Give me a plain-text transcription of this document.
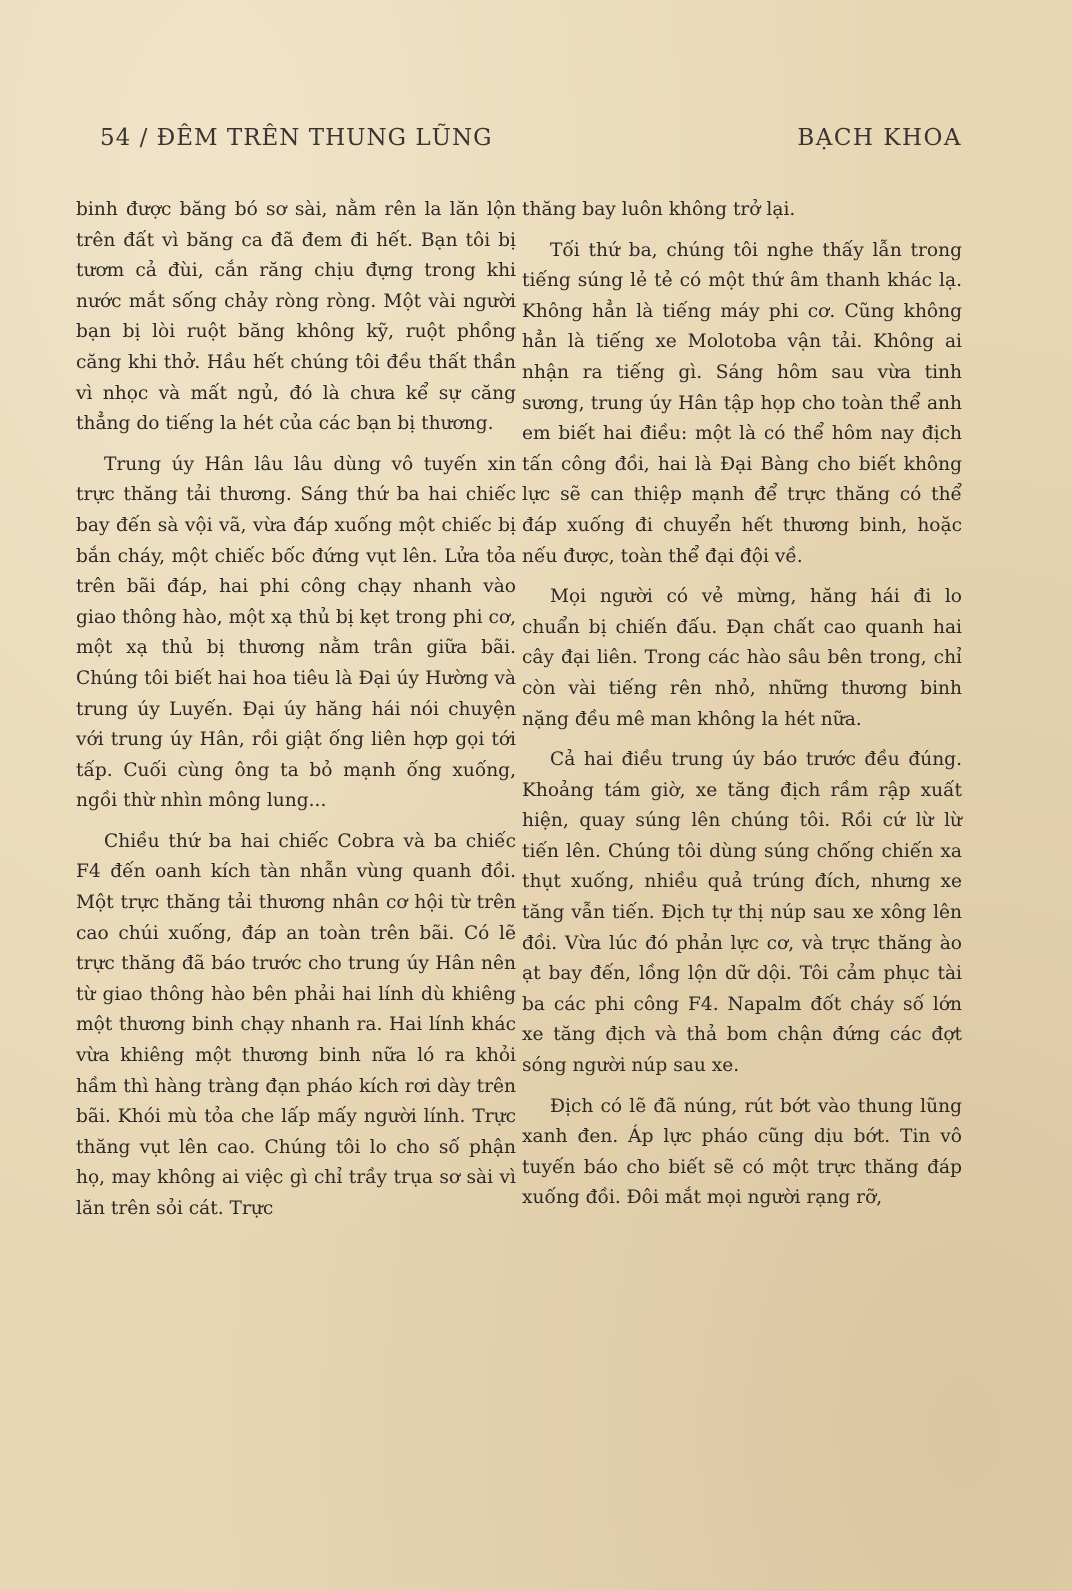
54 / ĐÊM TRÊN THUNG LŨNG	BẠCH KHOA

binh được băng bó sơ sài, nằm rên la lăn lộn trên đất vì băng ca đã đem đi hết. Bạn tôi bị tươm cả đùi, cắn răng chịu đựng trong khi nước mắt sống chảy ròng ròng. Một vài người bạn bị lòi ruột băng không kỹ, ruột phồng căng khi thở. Hầu hết chúng tôi đều thất thần vì nhọc và mất ngủ, đó là chưa kể sự căng thẳng do tiếng la hét của các bạn bị thương.

Trung úy Hân lâu lâu dùng vô tuyến xin trực thăng tải thương. Sáng thứ ba hai chiếc bay đến sà vội vã, vừa đáp xuống một chiếc bị bắn cháy, một chiếc bốc đứng vụt lên. Lửa tỏa trên bãi đáp, hai phi công chạy nhanh vào giao thông hào, một xạ thủ bị kẹt trong phi cơ, một xạ thủ bị thương nằm trân giữa bãi. Chúng tôi biết hai hoa tiêu là Đại úy Hường và trung úy Luyến. Đại úy hăng hái nói chuyện với trung úy Hân, rồi giật ống liên hợp gọi tới tấp. Cuối cùng ông ta bỏ mạnh ống xuống, ngồi thừ nhìn mông lung...

Chiều thứ ba hai chiếc Cobra và ba chiếc F4 đến oanh kích tàn nhẫn vùng quanh đồi. Một trực thăng tải thương nhân cơ hội từ trên cao chúi xuống, đáp an toàn trên bãi. Có lẽ trực thăng đã báo trước cho trung úy Hân nên từ giao thông hào bên phải hai lính dù khiêng một thương binh chạy nhanh ra. Hai lính khác vừa khiêng một thương binh nữa ló ra khỏi hầm thì hàng tràng đạn pháo kích rơi dày trên bãi. Khói mù tỏa che lấp mấy người lính. Trực thăng vụt lên cao. Chúng tôi lo cho số phận họ, may không ai việc gì chỉ trầy trụa sơ sài vì lăn trên sỏi cát. Trực

thăng bay luôn không trở lại.

Tối thứ ba, chúng tôi nghe thấy lẫn trong tiếng súng lẻ tẻ có một thứ âm thanh khác lạ. Không hẳn là tiếng máy phi cơ. Cũng không hẳn là tiếng xe Molotoba vận tải. Không ai nhận ra tiếng gì. Sáng hôm sau vừa tinh sương, trung úy Hân tập họp cho toàn thể anh em biết hai điều: một là có thể hôm nay địch tấn công đồi, hai là Đại Bàng cho biết không lực sẽ can thiệp mạnh để trực thăng có thể đáp xuống đi chuyển hết thương binh, hoặc nếu được, toàn thể đại đội về.

Mọi người có vẻ mừng, hăng hái đi lo chuẩn bị chiến đấu. Đạn chất cao quanh hai cây đại liên. Trong các hào sâu bên trong, chỉ còn vài tiếng rên nhỏ, những thương binh nặng đều mê man không la hét nữa.

Cả hai điều trung úy báo trước đều đúng. Khoảng tám giờ, xe tăng địch rầm rập xuất hiện, quay súng lên chúng tôi. Rồi cứ lừ lừ tiến lên. Chúng tôi dùng súng chống chiến xa thụt xuống, nhiều quả trúng đích, nhưng xe tăng vẫn tiến. Địch tự thị núp sau xe xông lên đồi. Vừa lúc đó phản lực cơ, và trực thăng ào ạt bay đến, lồng lộn dữ dội. Tôi cảm phục tài ba các phi công F4. Napalm đốt cháy số lớn xe tăng địch và thả bom chận đứng các đợt sóng người núp sau xe.

Địch có lẽ đã núng, rút bớt vào thung lũng xanh đen. Áp lực pháo cũng dịu bớt. Tin vô tuyến báo cho biết sẽ có một trực thăng đáp xuống đồi. Đôi mắt mọi người rạng rỡ,
